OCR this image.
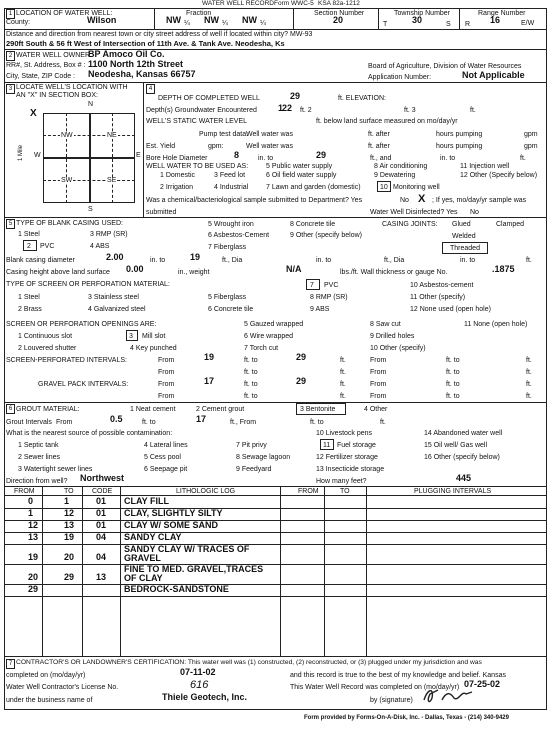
WATER WELL RECORD Form WWC-5 KSA 82a-1212
1 LOCATION OF WATER WELL:
County:	Wilson
Fraction
NW ¼ NW ¼ NW ¼
Section Number
20
Township Number
T	30	S
Range Number
R 16	E/W
Distance and direction from nearest town or city street address of well if located within city? MW-93
290ft South & 56 ft West of Intersection of 11th Ave. & Tank Ave. Neodesha, Ks
2 WATER WELL OWNER:
BP Amoco Oil Co.
RR#, St. Address, Box # : 1100 North 12th Street
City, State, ZIP Code : Neodesha, Kansas 66757
Board of Agriculture, Division of Water Resources
Application Number:	Not Applicable
3 LOCATE WELL'S LOCATION WITH
AN "X" IN SECTION BOX:
N
S
W	E
1 Mile
X
NW	NE
SW	SE
4
DEPTH OF COMPLETED WELL	29	ft. ELEVATION:
Depth(s) Groundwater Encountered 1 ft. 2
22	ft. 3	ft.
WELL'S STATIC WATER LEVEL	ft. below land surface measured on mo/day/yr
Pump test data:
Well water was	ft. after	hours pumping	gpm
Est. Yield	gpm:	Well water was	ft. after	hours pumping	gpm
Bore Hole Diameter	8	in. to	29	ft., and	in. to	ft.
WELL WATER TO BE USED AS:	5 Public water supply	8 Air conditioning	11 Injection well
1 Domestic	3 Feed lot	6 Oil field water supply	9 Dewatering	12 Other (Specify below)
2 Irrigation	4 Industrial	7 Lawn and garden (domestic)	10 Monitoring well
Was a chemical/bacteriological sample submitted to Department? Yes	No X ; If yes, mo/day/yr sample was
submitted	Water Well Disinfected? Yes No
5 TYPE OF BLANK CASING USED:
1 Steel	3 RMP (SR)
5 Wrought iron	8 Concrete tile
2 PVC	4 ABS
6 Asbestos-Cement	9 Other (specify below)
7 Fiberglass
CASING JOINTS: Glued	Clamped
Welded
Threaded
Blank casing diameter	2.00	in. to	19	ft., Dia	in. to	ft., Dia	in. to	ft.
Casing height above land surface 0.00	in., weight	N/A	lbs./ft. Wall thickness or gauge No.	.1875
TYPE OF SCREEN OR PERFORATION MATERIAL:
1 Steel	3 Stainless steel	5 Fiberglass
7 PVC	10 Asbestos-cement
2 Brass	4 Galvanized steel	6 Concrete tile
8 RMP (SR)	11 Other (specify)
9 ABS	12 None used (open hole)
SCREEN OR PERFORATION OPENINGS ARE:	5 Gauzed wrapped	8 Saw cut	11 None (open hole)
1 Continuous slot	3 Mill slot	6 Wire wrapped	9 Drilled holes
2 Louvered shutter	4 Key punched	7 Torch cut	10 Other (specify)
SCREEN-PERFORATED INTERVALS:	From	19	ft. to	29	ft.	From	ft. to	ft.
From	ft. to	ft.	From	ft. to	ft.
GRAVEL PACK INTERVALS:	From	17	ft. to	29	ft.	From	ft. to	ft.
From	ft. to	ft.	From	ft. to	ft.
6 GROUT MATERIAL:	1 Neat cement	2 Cement grout	3 Bentonite	4 Other
Grout Intervals From	0.5	ft. to	17	ft., From	ft. to	ft.
What is the nearest source of possible contamination:	10 Livestock pens	14 Abandoned water well
1 Septic tank	4 Lateral lines	7 Pit privy	11 Fuel storage	15 Oil well/ Gas well
2 Sewer lines	5 Cess pool	8 Sewage lagoon	12 Fertilizer storage	16 Other (specify below)
3 Watertight sewer lines	6 Seepage pit	9 Feedyard	13 Insecticide storage
Direction from well? Northwest	How many feet?	445
FROM	TO	CODE	LITHOLOGIC LOG	FROM	TO	PLUGGING INTERVALS
0	1	01 CLAY FILL
1	12 01 CLAY, SLIGHTLY SILTY
12	13 01 CLAY W/ SOME SAND
13	19 04 SANDY CLAY
19	20 04
SANDY CLAY W/ TRACES OF GRAVEL
20	29 13
FINE TO MED. GRAVEL,TRACES OF CLAY
29	BEDROCK-SANDSTONE
7 CONTRACTOR'S OR LANDOWNER'S CERTIFICATION: This water well was (1) constructed, (2) reconstructed, or (3) plugged under my jurisdiction and was
completed on (mo/day/yr)	07-11-02	and this record is true to the best of my knowledge and belief. Kansas
Water Well Contractor's License No.	616	This Water Well Record was completed on (mo/day/yr) 07-25-02
under the business name of	Thiele Geotech, Inc.	by (signature)
Form provided by Forms-On-A-Disk, Inc. - Dallas, Texas - (214) 340-9429
